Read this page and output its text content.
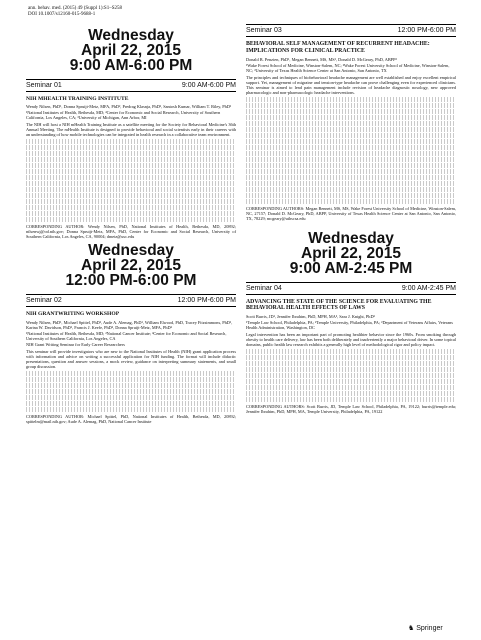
ann. behav. med. (2015) 49 (Suppl 1):S1–S258
DOI 10.1007/s12160-015-9688-1
Wednesday
April 22, 2015
9:00 AM-6:00 PM
Seminar 01	9:00 AM-6:00 PM
NIH MHEALTH TRAINING INSTITUTE
Wendy Nilsen, PhD¹, Donna Spruijt-Metz, MFA, PhD², Predrag Klasnja, PhD³, Santosh Kumar, William T. Riley, PhD¹
¹National Institutes of Health, Bethesda, MD; ²Center for Economic and Social Research, University of Southern California, Los Angeles, CA; ³University of Michigan, Ann Arbor, MI
The NIH will host a NIH mHealth Training Institute as a satellite meeting for the Society for Behavioral Medicine's 36th Annual Meeting. The mHealth Institute is designed to provide behavioral and social scientists early in their careers with an understanding of how mobile technologies can be integrated in health research in a collaborative team environment.
CORRESPONDING AUTHOR: Wendy Nilsen, PhD, National Institutes of Health, Bethesda, MD, 20892; nilsenwj@od.nih.gov; Donna Spruijt-Metz, MFA, PhD, Center for Economic and Social Research, University of Southern California, Los Angeles, CA, 90004; dmetz@usc.edu
Wednesday
April 22, 2015
12:00 PM-6:00 PM
Seminar 02	12:00 PM-6:00 PM
NIH GRANTWRITING WORKSHOP
Wendy Nilsen, PhD¹, Michael Spittel, PhD¹, Aude A. Alemag, PhD¹, William Elwood, PhD, Tracey Fitzsimmons, PhD¹, Karina W. Davidson, PhD¹, Francis J. Keefe, PhD², Donna Spruijt-Metz, MFA, PhD³
¹National Institutes of Health, Bethesda, MD; ²National Cancer Institute; ³Center for Economic and Social Research, University of Southern California, Los Angeles, CA
NIH Grant Writing Seminar for Early Career Researchers
This seminar will provide investigators who are new to the National Institutes of Health (NIH) grant application process with information and advice on writing a successful application for NIH funding. The format will include didactic presentations, question and answer sessions, a mock review, guidance on interpreting summary statements, and small group discussion.
CORRESPONDING AUTHOR: Michael Spittel, PhD, National Institutes of Health, Bethesda, MD, 20892; spittelm@mail.nih.gov; Aude A. Alemag, PhD, National Cancer Institute
Seminar 03	12:00 PM-6:00 PM
BEHAVIORAL SELF MANAGEMENT OF RECURRENT HEADACHE: IMPLICATIONS FOR CLINICAL PRACTICE
Donald B. Penzien, PhD¹, Megan Bennett, MS, MS¹, Donald D. McGeary, PhD, ABPP²
¹Wake Forest School of Medicine, Winston-Salem, NC; ²Wake Forest University School of Medicine, Winston-Salem, NC; ³University of Texas Health Science Center at San Antonio, San Antonio, TX
The principles and techniques of biobehavioral headache management are well established and enjoy excellent empirical support. Yet, management of migraine and tension-type headache can prove challenging even for experienced clinicians. This seminar is aimed to lend pain management include revision of headache diagnostic nosology, new approved pharmacologic and non-pharmacologic headache interventions.
CORRESPONDING AUTHORS: Megan Bennett, MS, MS, Wake Forest University School of Medicine, Winston-Salem, NC, 27157; Donald D. McGeary, PhD, ABPP, University of Texas Health Science Center at San Antonio, San Antonio, TX, 78229; mcgeary@uthscsa.edu
Wednesday
April 22, 2015
9:00 AM-2:45 PM
Seminar 04	9:00 AM-2:45 PM
ADVANCING THE STATE OF THE SCIENCE FOR EVALUATING THE BEHAVIORAL HEALTH EFFECTS OF LAWS
Scott Burris, JD¹, Jennifer Ibrahim, PhD, MPH, MA², Sara J. Knight, PhD³
¹Temple Law School, Philadelphia, PA; ²Temple University, Philadelphia, PA; ³Department of Veterans Affairs, Veterans Health Administration, Washington, DC
Legal intervention has been an important part of promoting healthier behavior since the 1960s. From smoking through obesity to health care delivery, law has been both deliberately and inadvertently a major behavioral driver. In some topical domains, public health law research exhibits a generally high level of methodological rigor and policy impact.
CORRESPONDING AUTHORS: Scott Burris, JD, Temple Law School, Philadelphia, PA, 19122; burris@temple.edu; Jennifer Ibrahim, PhD, MPH, MA, Temple University, Philadelphia, PA, 19122
♞ Springer
